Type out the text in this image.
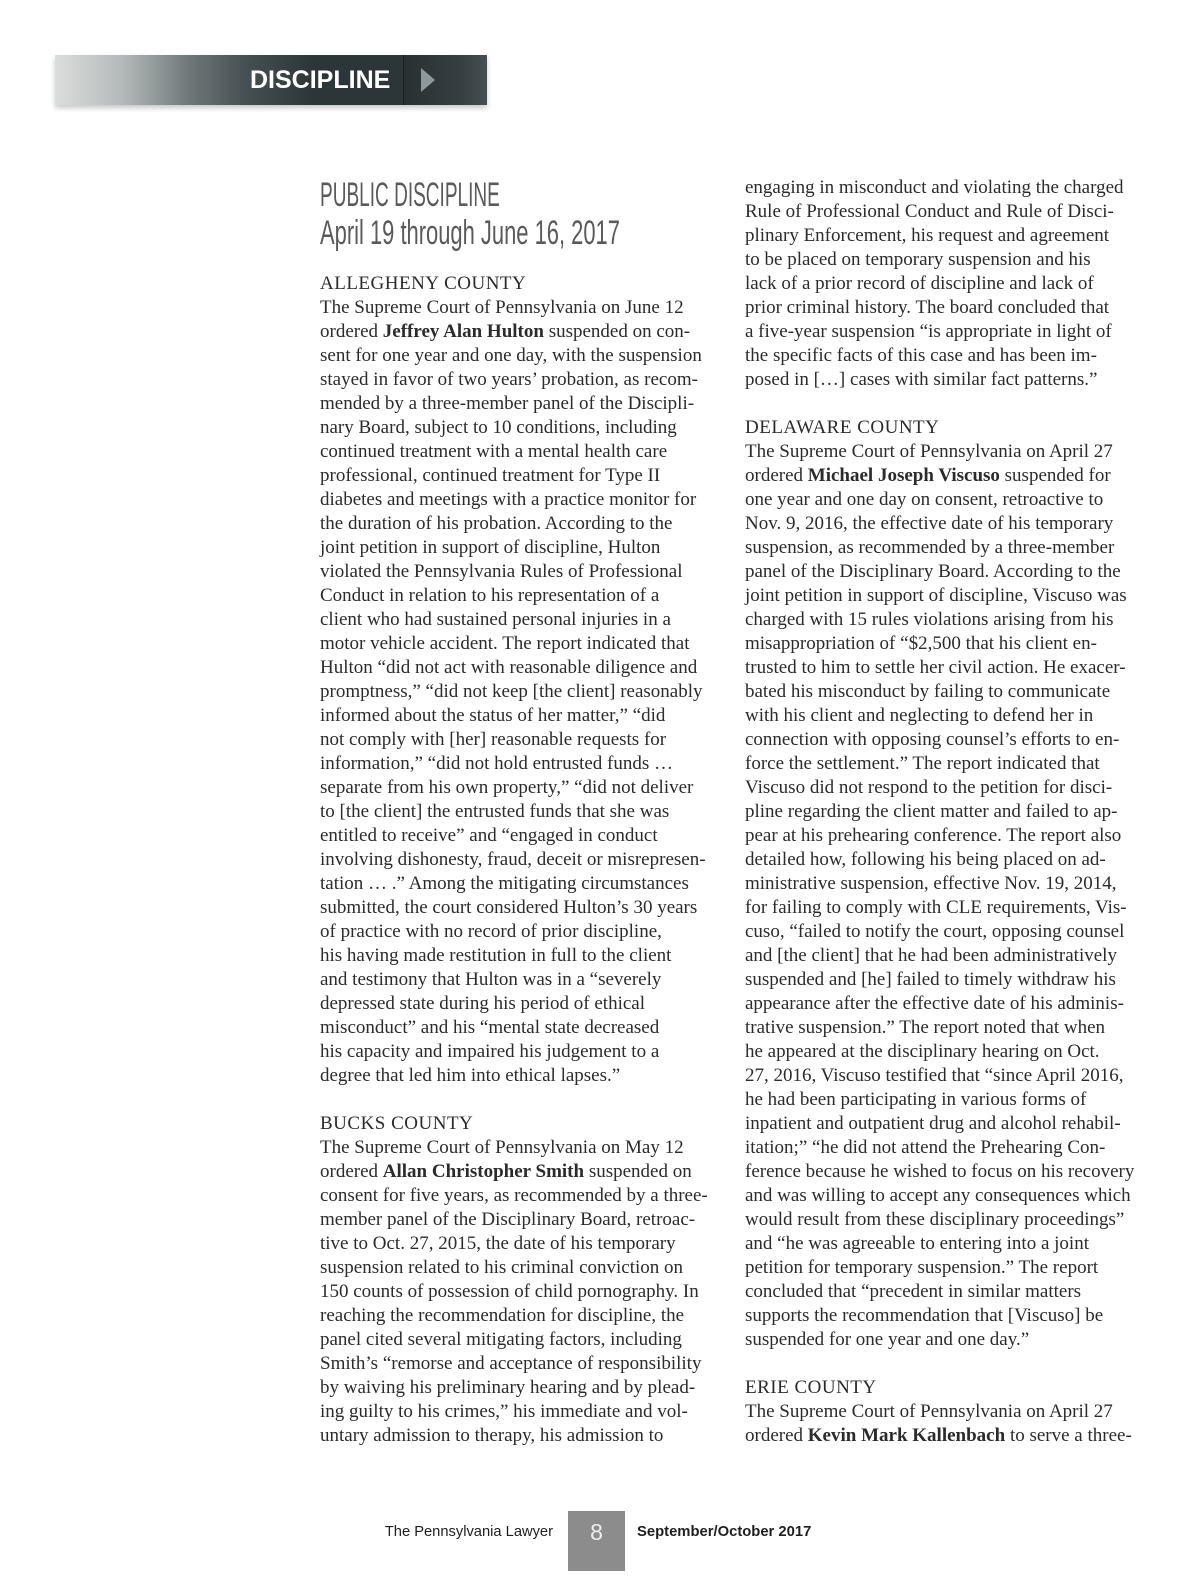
DISCIPLINE
PUBLIC DISCIPLINE
April 19 through June 16, 2017
ALLEGHENY COUNTY
The Supreme Court of Pennsylvania on June 12
ordered Jeffrey Alan Hulton suspended on con-
sent for one year and one day, with the suspension
stayed in favor of two years’ probation, as recom-
mended by a three-member panel of the Discipli-
nary Board, subject to 10 conditions, including
continued treatment with a mental health care
professional, continued treatment for Type II
diabetes and meetings with a practice monitor for
the duration of his probation. According to the
joint petition in support of discipline, Hulton
violated the Pennsylvania Rules of Professional
Conduct in relation to his representation of a
client who had sustained personal injuries in a
motor vehicle accident. The report indicated that
Hulton “did not act with reasonable diligence and
promptness,” “did not keep [the client] reasonably
informed about the status of her matter,” “did
not comply with [her] reasonable requests for
information,” “did not hold entrusted funds …
separate from his own property,” “did not deliver
to [the client] the entrusted funds that she was
entitled to receive” and “engaged in conduct
involving dishonesty, fraud, deceit or misrepresen-
tation … .” Among the mitigating circumstances
submitted, the court considered Hulton’s 30 years
of practice with no record of prior discipline,
his having made restitution in full to the client
and testimony that Hulton was in a “severely
depressed state during his period of ethical
misconduct” and his “mental state decreased
his capacity and impaired his judgement to a
degree that led him into ethical lapses.”
BUCKS COUNTY
The Supreme Court of Pennsylvania on May 12
ordered Allan Christopher Smith suspended on
consent for five years, as recommended by a three-
member panel of the Disciplinary Board, retroac-
tive to Oct. 27, 2015, the date of his temporary
suspension related to his criminal conviction on
150 counts of possession of child pornography. In
reaching the recommendation for discipline, the
panel cited several mitigating factors, including
Smith’s “remorse and acceptance of responsibility
by waiving his preliminary hearing and by plead-
ing guilty to his crimes,” his immediate and vol-
untary admission to therapy, his admission to
engaging in misconduct and violating the charged
Rule of Professional Conduct and Rule of Disci-
plinary Enforcement, his request and agreement
to be placed on temporary suspension and his
lack of a prior record of discipline and lack of
prior criminal history. The board concluded that
a five-year suspension “is appropriate in light of
the specific facts of this case and has been im-
posed in […] cases with similar fact patterns.”
DELAWARE COUNTY
The Supreme Court of Pennsylvania on April 27
ordered Michael Joseph Viscuso suspended for
one year and one day on consent, retroactive to
Nov. 9, 2016, the effective date of his temporary
suspension, as recommended by a three-member
panel of the Disciplinary Board. According to the
joint petition in support of discipline, Viscuso was
charged with 15 rules violations arising from his
misappropriation of “$2,500 that his client en-
trusted to him to settle her civil action. He exacer-
bated his misconduct by failing to communicate
with his client and neglecting to defend her in
connection with opposing counsel’s efforts to en-
force the settlement.” The report indicated that
Viscuso did not respond to the petition for disci-
pline regarding the client matter and failed to ap-
pear at his prehearing conference. The report also
detailed how, following his being placed on ad-
ministrative suspension, effective Nov. 19, 2014,
for failing to comply with CLE requirements, Vis-
cuso, “failed to notify the court, opposing counsel
and [the client] that he had been administratively
suspended and [he] failed to timely withdraw his
appearance after the effective date of his adminis-
trative suspension.” The report noted that when
he appeared at the disciplinary hearing on Oct.
27, 2016, Viscuso testified that “since April 2016,
he had been participating in various forms of
inpatient and outpatient drug and alcohol rehabil-
itation;” “he did not attend the Prehearing Con-
ference because he wished to focus on his recovery
and was willing to accept any consequences which
would result from these disciplinary proceedings”
and “he was agreeable to entering into a joint
petition for temporary suspension.” The report
concluded that “precedent in similar matters
supports the recommendation that [Viscuso] be
suspended for one year and one day.”
ERIE COUNTY
The Supreme Court of Pennsylvania on April 27
ordered Kevin Mark Kallenbach to serve a three-
The Pennsylvania Lawyer	8	September/October 2017
